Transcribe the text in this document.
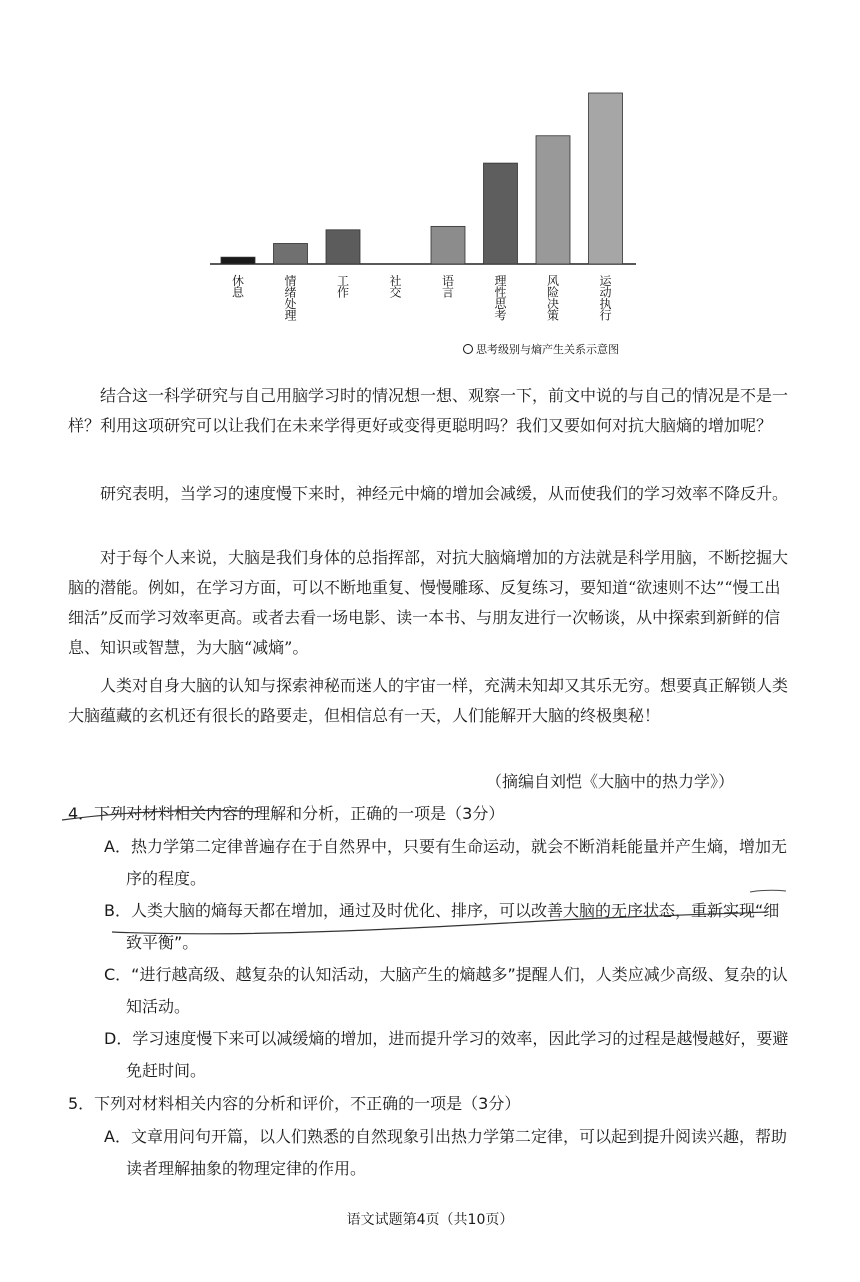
休息
情绪处理
工作
社交
语言
理性思考
风险决策
运动执行
思考级别与熵产生关系示意图

结合这一科学研究与自己用脑学习时的情况想一想、观察一下，前文中说的与自己的情况是不是一样？利用这项研究可以让我们在未来学得更好或变得更聪明吗？我们又要如何对抗大脑熵的增加呢？

研究表明，当学习的速度慢下来时，神经元中熵的增加会减缓，从而使我们的学习效率不降反升。

对于每个人来说，大脑是我们身体的总指挥部，对抗大脑熵增加的方法就是科学用脑，不断挖掘大脑的潜能。例如，在学习方面，可以不断地重复、慢慢雕琢、反复练习，要知道“欲速则不达”“慢工出细活”反而学习效率更高。或者去看一场电影、读一本书、与朋友进行一次畅谈，从中探索到新鲜的信息、知识或智慧，为大脑“减熵”。

人类对自身大脑的认知与探索神秘而迷人的宇宙一样，充满未知却又其乐无穷。想要真正解锁人类大脑蕴藏的玄机还有很长的路要走，但相信总有一天，人们能解开大脑的终极奥秘！

（摘编自刘恺《大脑中的热力学》）
4．下列对材料相关内容的理解和分析，正确的一项是（3分）
A．热力学第二定律普遍存在于自然界中，只要有生命运动，就会不断消耗能量并产生熵，增加无序的程度。
B．人类大脑的熵每天都在增加，通过及时优化、排序，可以改善大脑的无序状态，重新实现“细致平衡”。
C．“进行越高级、越复杂的认知活动，大脑产生的熵越多”提醒人们，人类应减少高级、复杂的认知活动。
D．学习速度慢下来可以减缓熵的增加，进而提升学习的效率，因此学习的过程是越慢越好，要避免赶时间。
5．下列对材料相关内容的分析和评价，不正确的一项是（3分）
A．文章用问句开篇，以人们熟悉的自然现象引出热力学第二定律，可以起到提升阅读兴趣，帮助读者理解抽象的物理定律的作用。
语文试题第4页（共10页）
